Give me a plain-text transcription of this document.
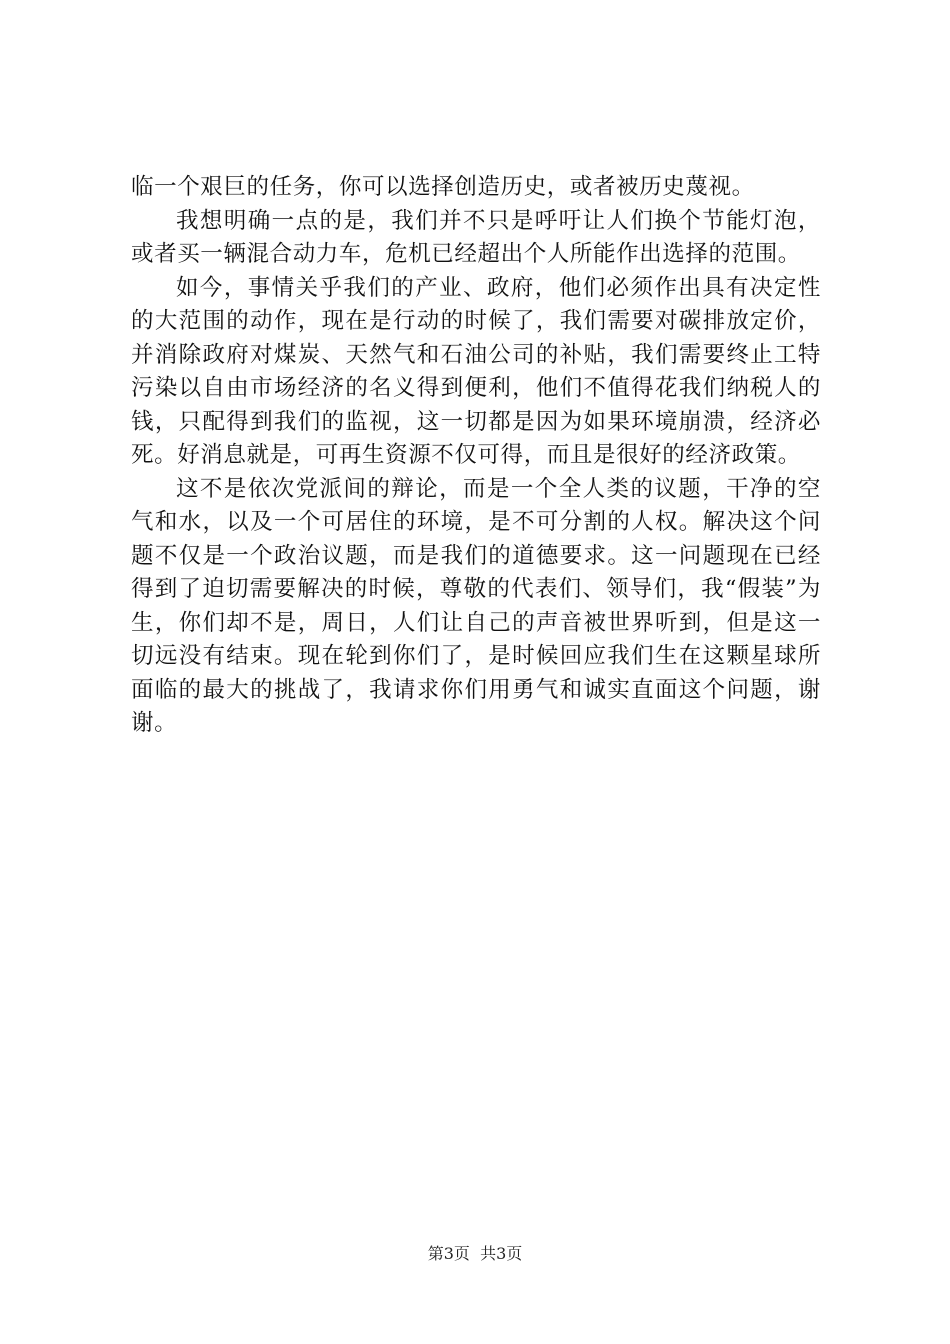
临一个艰巨的任务，你可以选择创造历史，或者被历史蔑视。

我想明确一点的是，我们并不只是呼吁让人们换个节能灯泡，或者买一辆混合动力车，危机已经超出个人所能作出选择的范围。

如今，事情关乎我们的产业、政府，他们必须作出具有决定性的大范围的动作，现在是行动的时候了，我们需要对碳排放定价，并消除政府对煤炭、天然气和石油公司的补贴，我们需要终止工特污染以自由市场经济的名义得到便利，他们不值得花我们纳税人的钱，只配得到我们的监视，这一切都是因为如果环境崩溃，经济必死。好消息就是，可再生资源不仅可得，而且是很好的经济政策。

这不是依次党派间的辩论，而是一个全人类的议题，干净的空气和水，以及一个可居住的环境，是不可分割的人权。解决这个问题不仅是一个政治议题，而是我们的道德要求。这一问题现在已经得到了迫切需要解决的时候，尊敬的代表们、领导们，我“假装”为生，你们却不是，周日，人们让自己的声音被世界听到，但是这一切远没有结束。现在轮到你们了，是时候回应我们生在这颗星球所面临的最大的挑战了，我请求你们用勇气和诚实直面这个问题，谢谢。

第3页  共3页
